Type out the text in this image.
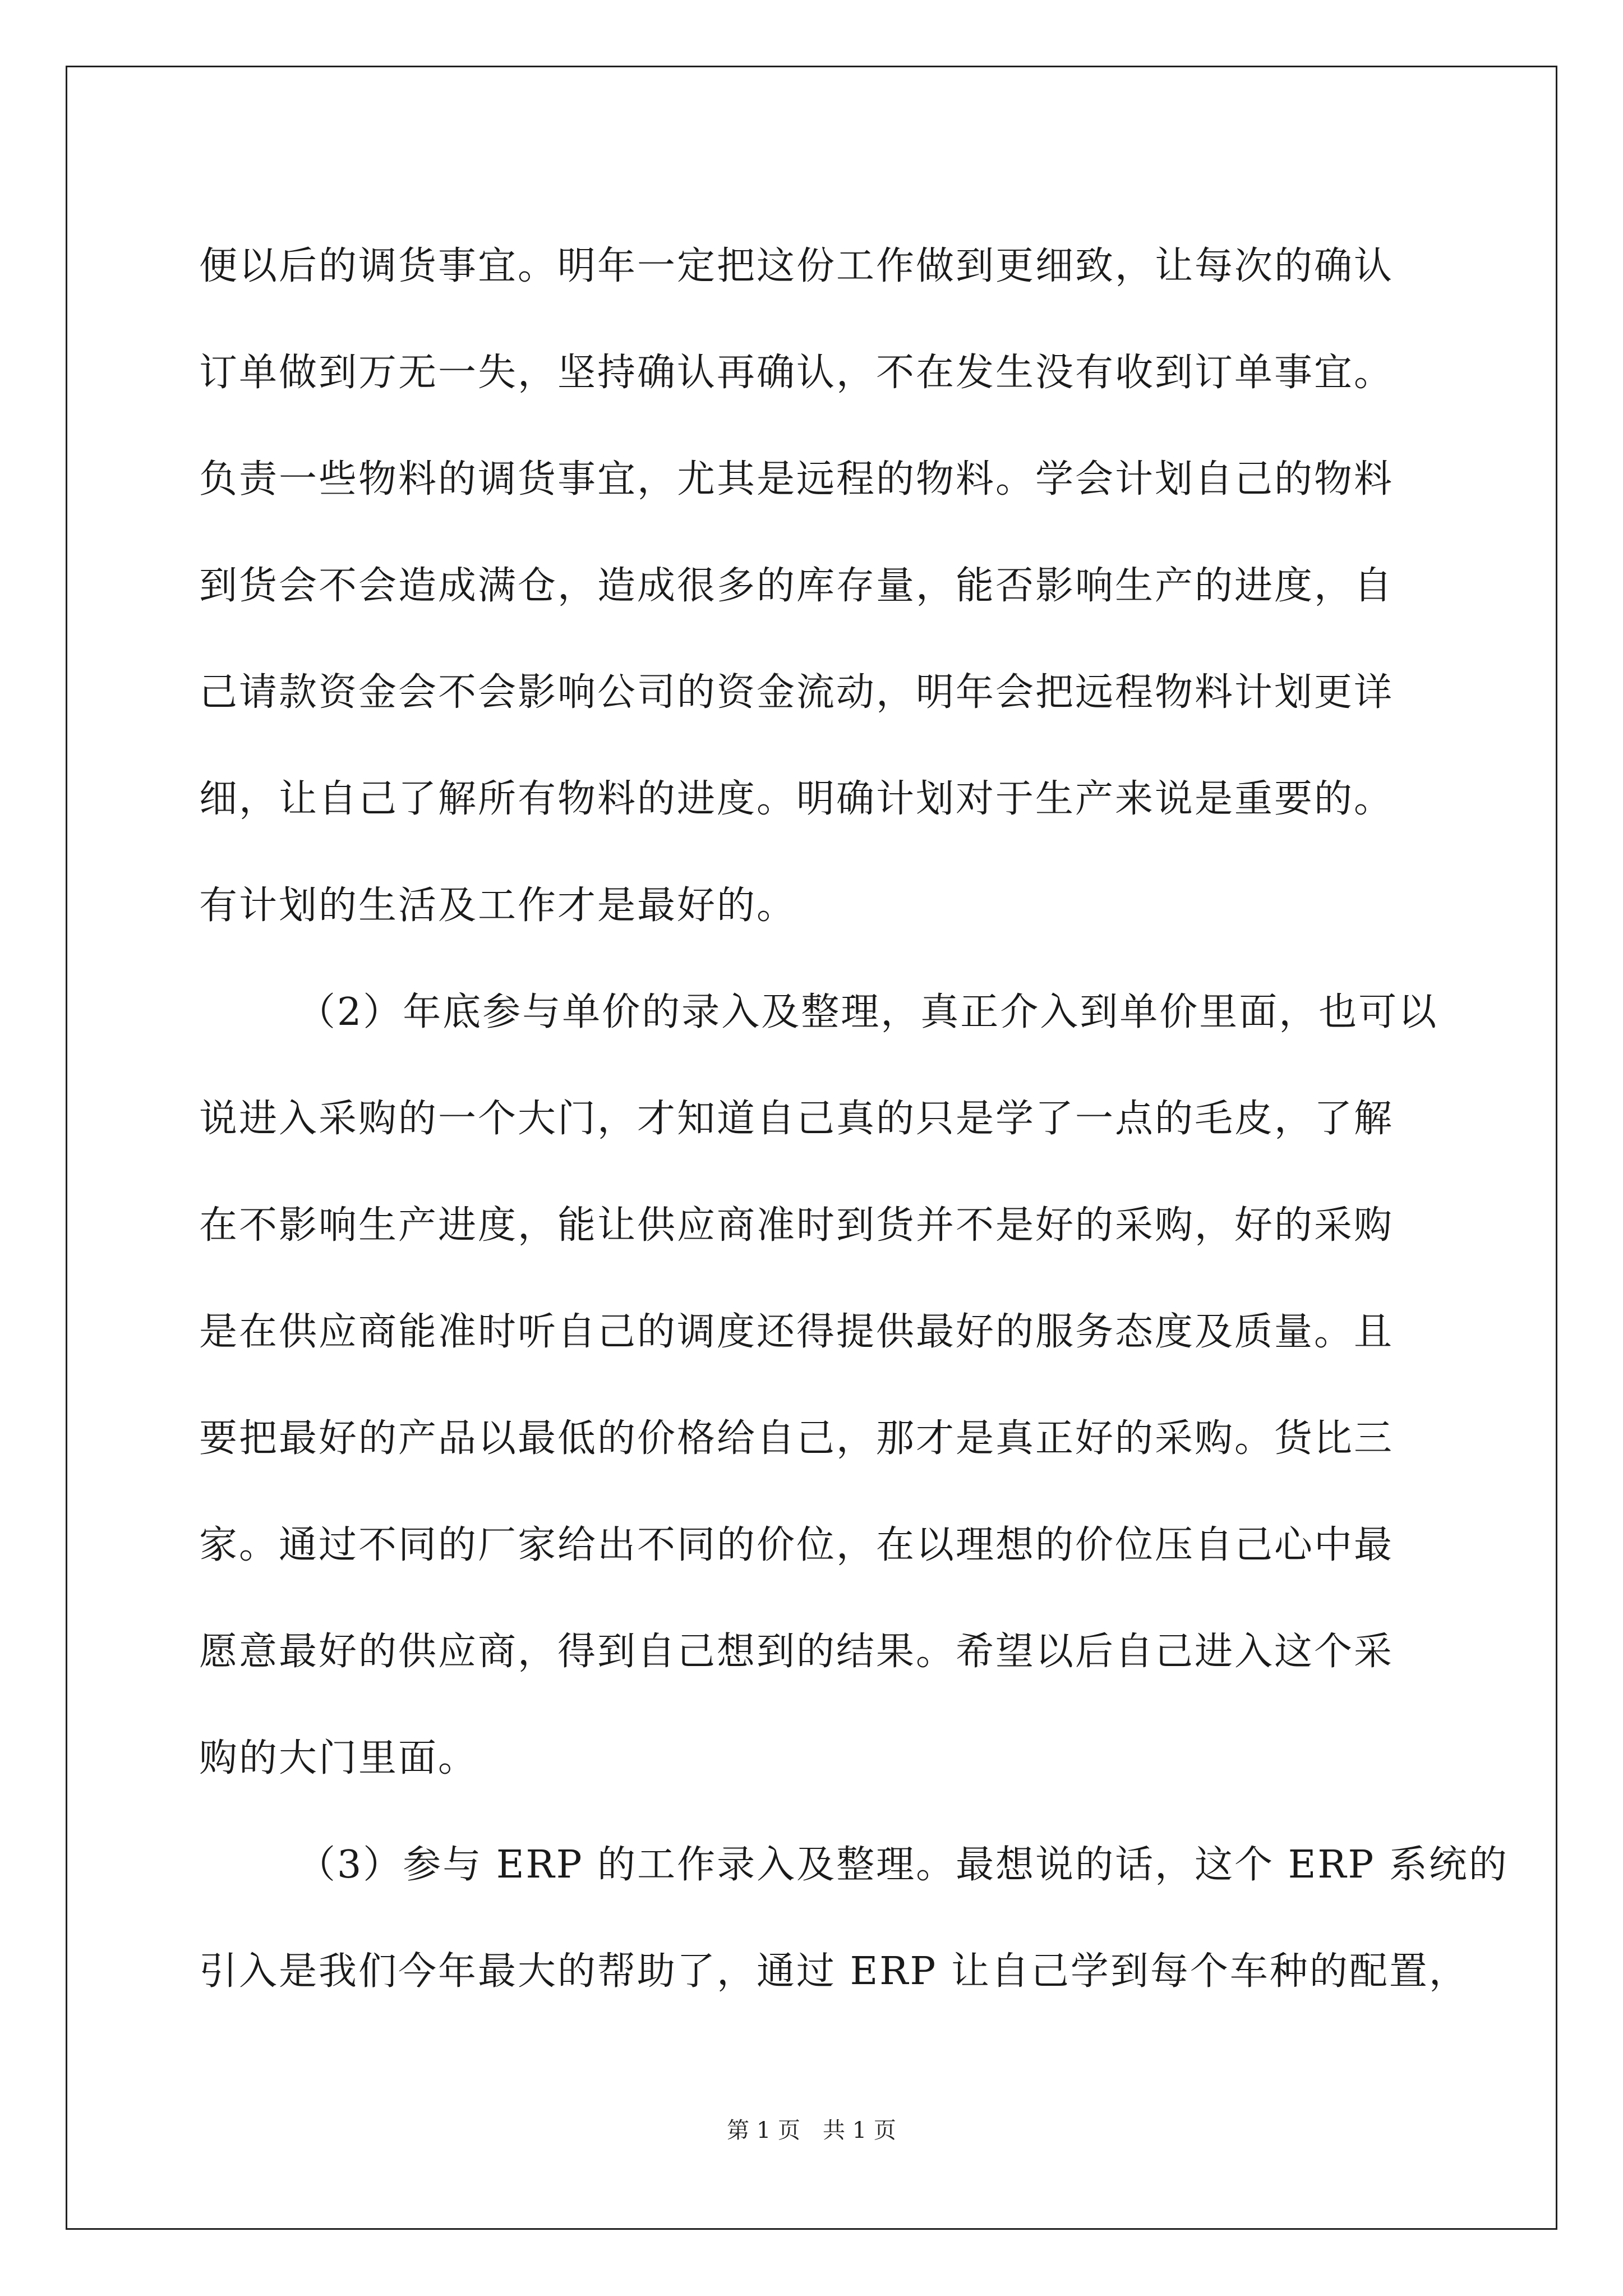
便以后的调货事宜。明年一定把这份工作做到更细致，让每次的确认
订单做到万无一失，坚持确认再确认，不在发生没有收到订单事宜。
负责一些物料的调货事宜，尤其是远程的物料。学会计划自己的物料
到货会不会造成满仓，造成很多的库存量，能否影响生产的进度，自
己请款资金会不会影响公司的资金流动，明年会把远程物料计划更详
细，让自己了解所有物料的进度。明确计划对于生产来说是重要的。
有计划的生活及工作才是最好的。
（2）年底参与单价的录入及整理，真正介入到单价里面，也可以
说进入采购的一个大门，才知道自己真的只是学了一点的毛皮，了解
在不影响生产进度，能让供应商准时到货并不是好的采购，好的采购
是在供应商能准时听自己的调度还得提供最好的服务态度及质量。且
要把最好的产品以最低的价格给自己，那才是真正好的采购。货比三
家。通过不同的厂家给出不同的价位，在以理想的价位压自己心中最
愿意最好的供应商，得到自己想到的结果。希望以后自己进入这个采
购的大门里面。
（3）参与 ERP 的工作录入及整理。最想说的话，这个 ERP 系统的
引入是我们今年最大的帮助了，通过 ERP 让自己学到每个车种的配置，
第 1 页　共 1 页
